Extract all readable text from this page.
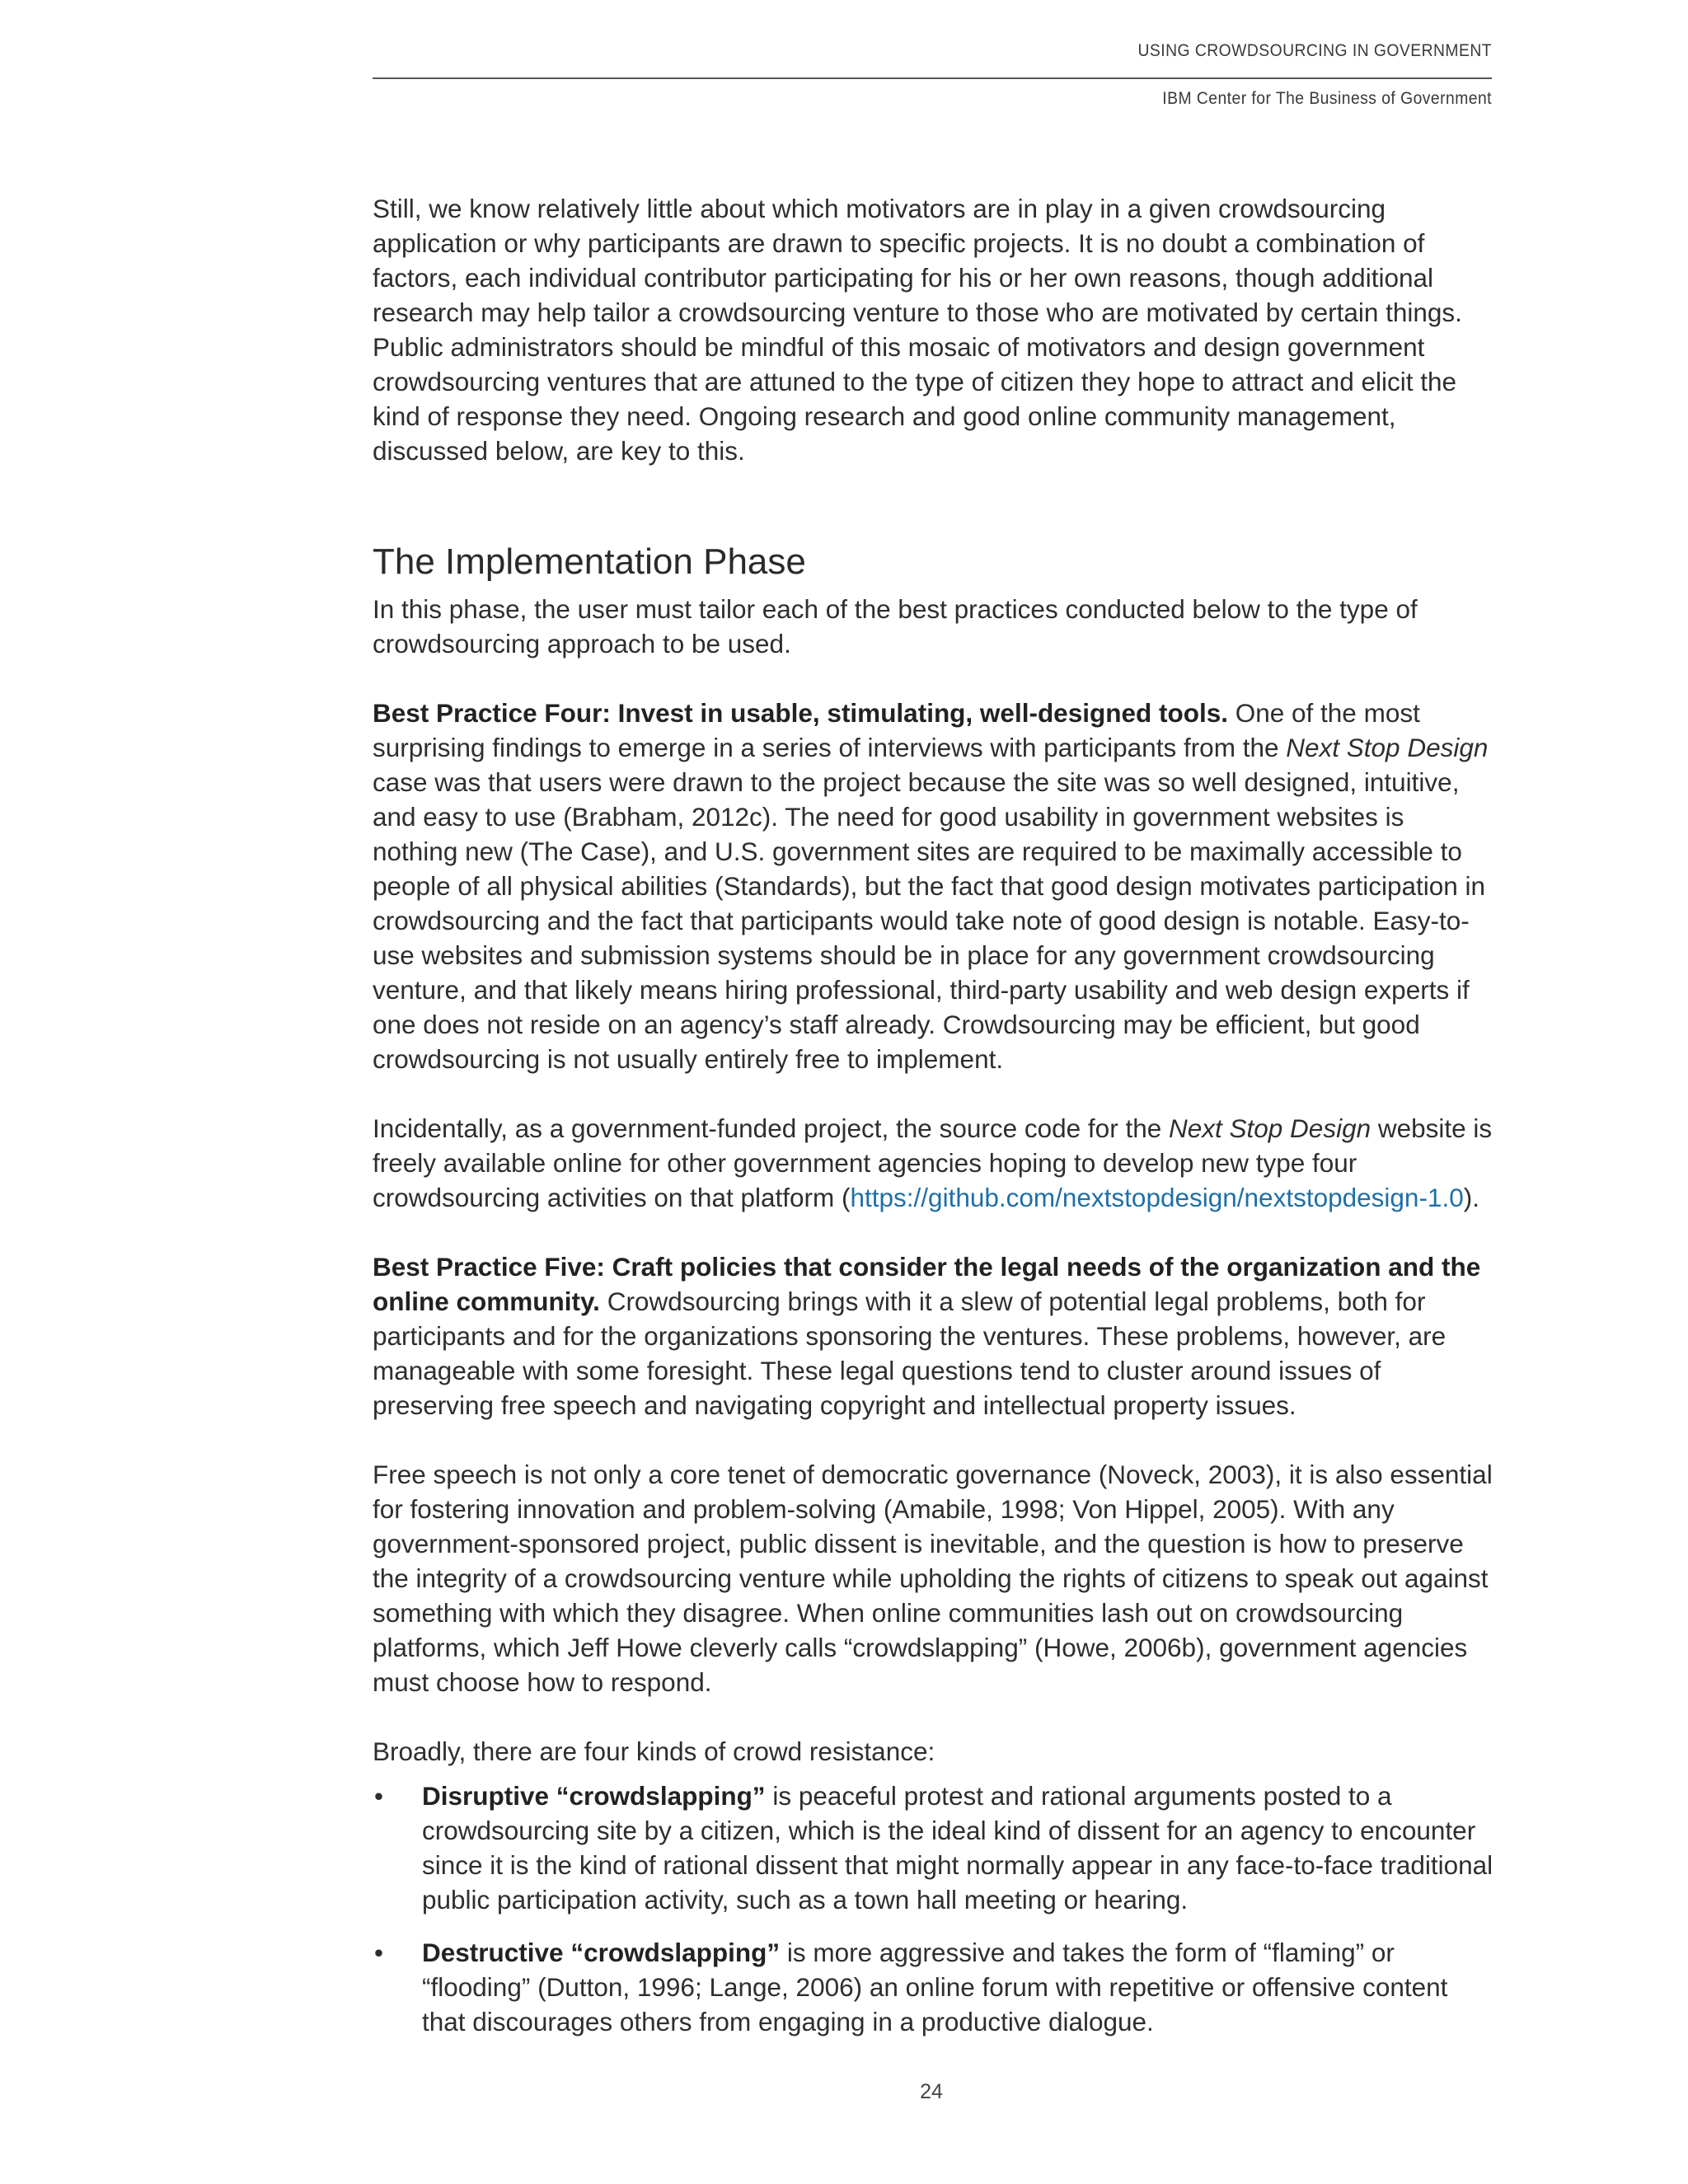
USING CROWDSOURCING IN GOVERNMENT
IBM Center for The Business of Government

Still, we know relatively little about which motivators are in play in a given crowdsourcing application or why participants are drawn to specific projects. It is no doubt a combination of factors, each individual contributor participating for his or her own reasons, though additional research may help tailor a crowdsourcing venture to those who are motivated by certain things. Public administrators should be mindful of this mosaic of motivators and design government crowdsourcing ventures that are attuned to the type of citizen they hope to attract and elicit the kind of response they need. Ongoing research and good online community management, discussed below, are key to this.

The Implementation Phase

In this phase, the user must tailor each of the best practices conducted below to the type of crowdsourcing approach to be used.

Best Practice Four: Invest in usable, stimulating, well-designed tools. One of the most surprising findings to emerge in a series of interviews with participants from the Next Stop Design case was that users were drawn to the project because the site was so well designed, intuitive, and easy to use (Brabham, 2012c). The need for good usability in government websites is nothing new (The Case), and U.S. government sites are required to be maximally accessible to people of all physical abilities (Standards), but the fact that good design motivates participation in crowdsourcing and the fact that participants would take note of good design is notable. Easy-to-use websites and submission systems should be in place for any government crowdsourcing venture, and that likely means hiring professional, third-party usability and web design experts if one does not reside on an agency’s staff already. Crowdsourcing may be efficient, but good crowdsourcing is not usually entirely free to implement.

Incidentally, as a government-funded project, the source code for the Next Stop Design website is freely available online for other government agencies hoping to develop new type four crowdsourcing activities on that platform (https://github.com/nextstopdesign/nextstopdesign-1.0).

Best Practice Five: Craft policies that consider the legal needs of the organization and the online community. Crowdsourcing brings with it a slew of potential legal problems, both for participants and for the organizations sponsoring the ventures. These problems, however, are manageable with some foresight. These legal questions tend to cluster around issues of preserving free speech and navigating copyright and intellectual property issues.

Free speech is not only a core tenet of democratic governance (Noveck, 2003), it is also essential for fostering innovation and problem-solving (Amabile, 1998; Von Hippel, 2005). With any government-sponsored project, public dissent is inevitable, and the question is how to preserve the integrity of a crowdsourcing venture while upholding the rights of citizens to speak out against something with which they disagree. When online communities lash out on crowdsourcing platforms, which Jeff Howe cleverly calls “crowdslapping” (Howe, 2006b), government agencies must choose how to respond.

Broadly, there are four kinds of crowd resistance:

• Disruptive “crowdslapping” is peaceful protest and rational arguments posted to a crowdsourcing site by a citizen, which is the ideal kind of dissent for an agency to encounter since it is the kind of rational dissent that might normally appear in any face-to-face traditional public participation activity, such as a town hall meeting or hearing.
• Destructive “crowdslapping” is more aggressive and takes the form of “flaming” or “flooding” (Dutton, 1996; Lange, 2006) an online forum with repetitive or offensive content that discourages others from engaging in a productive dialogue.
24
